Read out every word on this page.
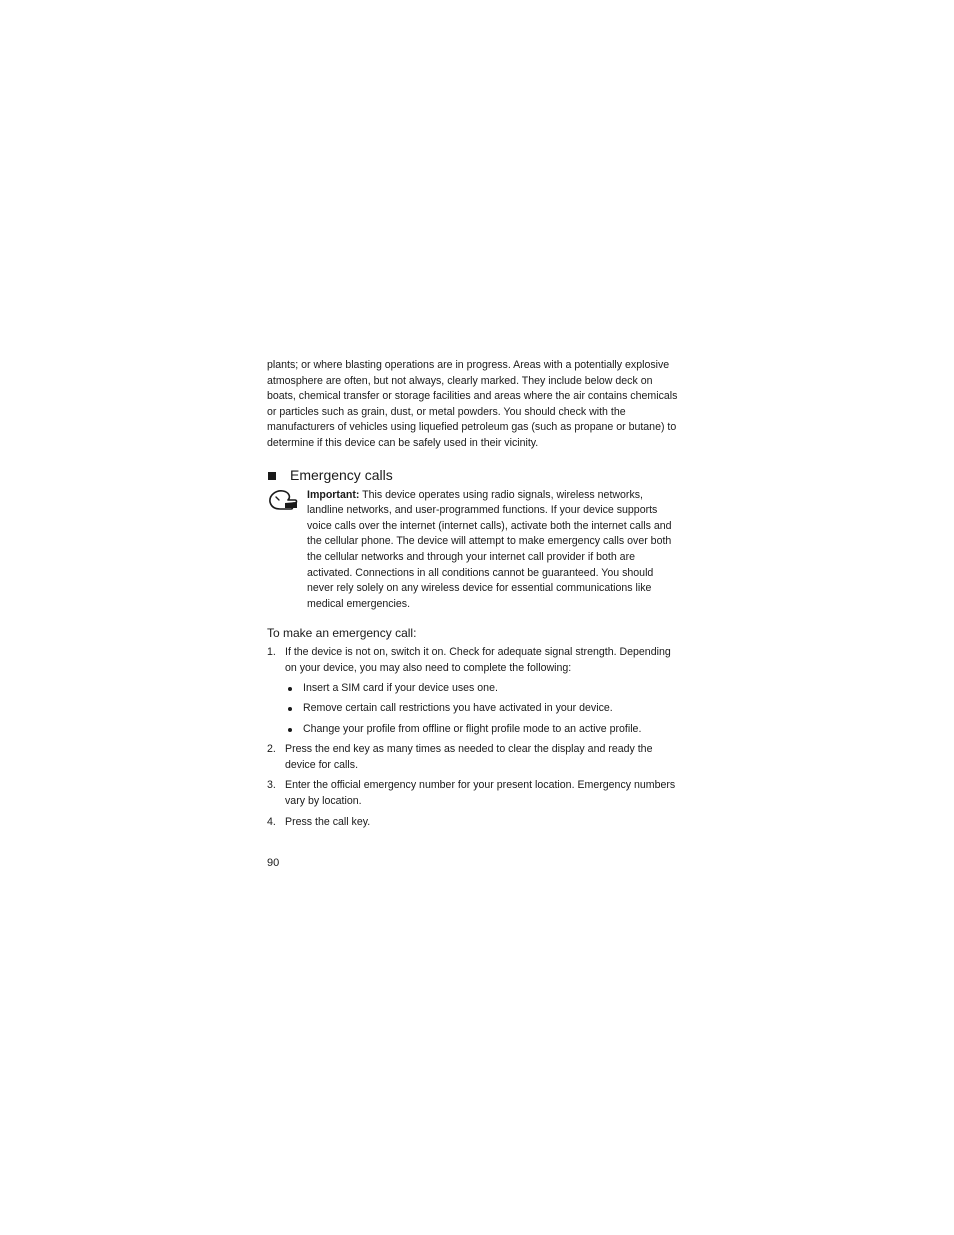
plants; or where blasting operations are in progress. Areas with a potentially explosive atmosphere are often, but not always, clearly marked. They include below deck on boats, chemical transfer or storage facilities and areas where the air contains chemicals or particles such as grain, dust, or metal powders. You should check with the manufacturers of vehicles using liquefied petroleum gas (such as propane or butane) to determine if this device can be safely used in their vicinity.

Emergency calls
Important: This device operates using radio signals, wireless networks, landline networks, and user-programmed functions. If your device supports voice calls over the internet (internet calls), activate both the internet calls and the cellular phone. The device will attempt to make emergency calls over both the cellular networks and through your internet call provider if both are activated. Connections in all conditions cannot be guaranteed. You should never rely solely on any wireless device for essential communications like medical emergencies.
To make an emergency call:
1. If the device is not on, switch it on. Check for adequate signal strength. Depending on your device, you may also need to complete the following:
Insert a SIM card if your device uses one.
Remove certain call restrictions you have activated in your device.
Change your profile from offline or flight profile mode to an active profile.
2. Press the end key as many times as needed to clear the display and ready the device for calls.
3. Enter the official emergency number for your present location. Emergency numbers vary by location.
4. Press the call key.
90
